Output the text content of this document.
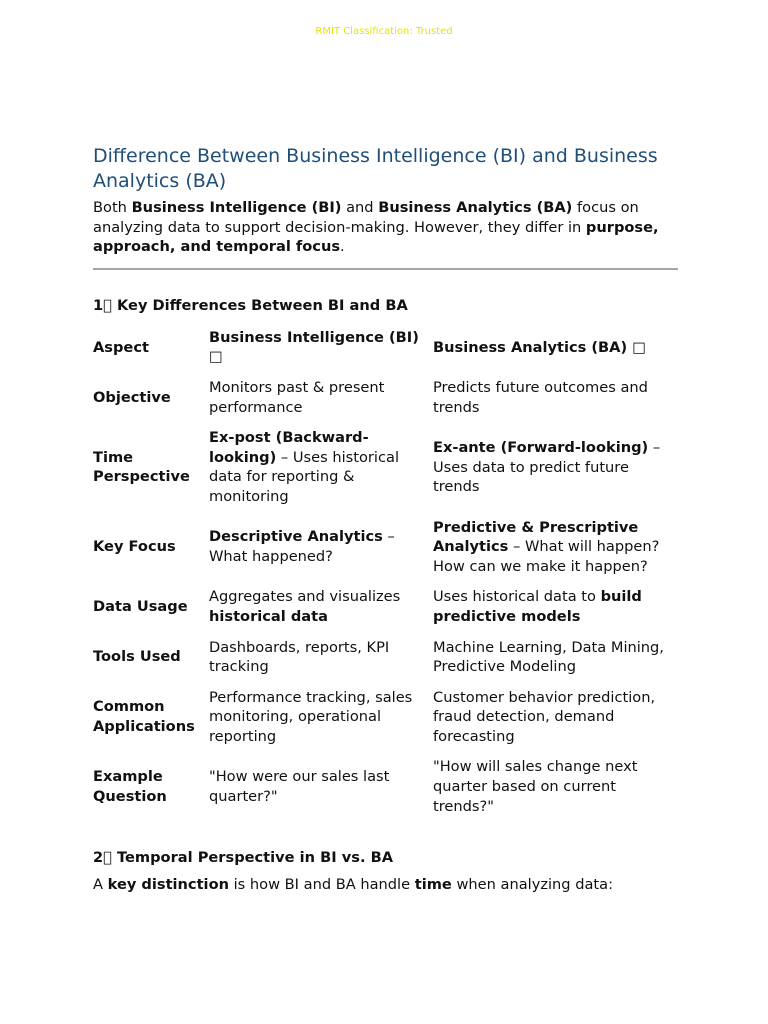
RMIT Classification: Trusted
Difference Between Business Intelligence (BI) and Business Analytics (BA)

Both Business Intelligence (BI) and Business Analytics (BA) focus on analyzing data to support decision-making. However, they differ in purpose, approach, and temporal focus.

1⃣ Key Differences Between BI and BA
Aspect	Business Intelligence (BI) □	Business Analytics (BA) □
Objective	Monitors past & present performance	Predicts future outcomes and trends
Time Perspective	Ex-post (Backward-looking) – Uses historical data for reporting & monitoring	Ex-ante (Forward-looking) – Uses data to predict future trends
Key Focus	Descriptive Analytics – What happened?	Predictive & Prescriptive Analytics – What will happen? How can we make it happen?
Data Usage	Aggregates and visualizes historical data	Uses historical data to build predictive models
Tools Used	Dashboards, reports, KPI tracking	Machine Learning, Data Mining, Predictive Modeling
Common Applications	Performance tracking, sales monitoring, operational reporting	Customer behavior prediction, fraud detection, demand forecasting
Example Question	"How were our sales last quarter?"	"How will sales change next quarter based on current trends?"
2⃣ Temporal Perspective in BI vs. BA

A key distinction is how BI and BA handle time when analyzing data:
